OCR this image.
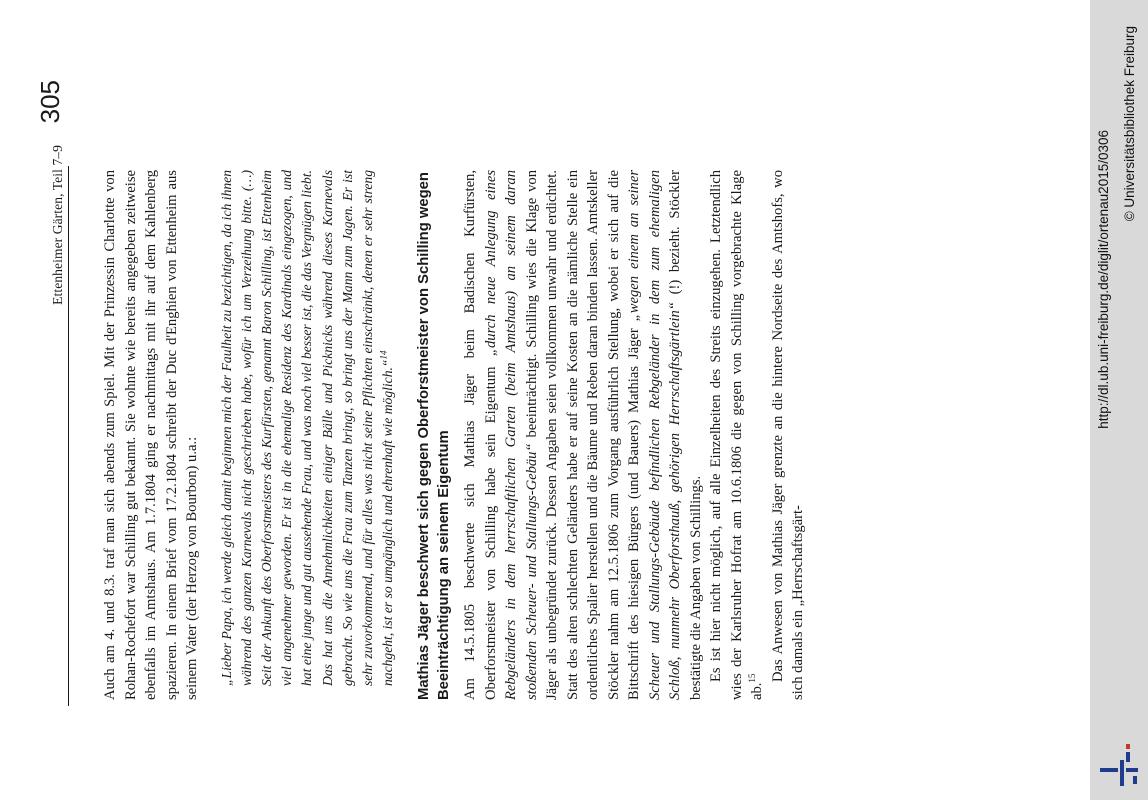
Ettenheimer Gärten, Teil 7–9
305

Auch am 4. und 8.3. traf man sich abends zum Spiel. Mit der Prinzessin Charlotte von Rohan-Rochefort war Schilling gut bekannt. Sie wohnte wie bereits angegeben zeitweise ebenfalls im Amtshaus. Am 1.7.1804 ging er nachmittags mit ihr auf dem Kahlenberg spazieren. In einem Brief vom 17.2.1804 schreibt der Duc d'Enghien von Ettenheim aus seinem Vater (der Herzog von Bourbon) u.a.: „Lieber Papa, ich werde gleich damit beginnen mich der Faulheit zu bezichtigen, da ich ihnen während des ganzen Karnevals nicht geschrieben habe, wofür ich um Verzeihung bitte. (…) Seit der Ankunft des Oberforstmeisters des Kurfürsten, genannt Baron Schilling, ist Ettenheim viel angenehmer geworden. Er ist in die ehemalige Residenz des Kardinals eingezogen, und hat eine junge und gut aussehende Frau, und was noch viel besser ist, die das Vergnügen liebt. Das hat uns die Annehmlichkeiten einiger Bälle und Picknicks während dieses Karnevals gebracht. So wie uns die Frau zum Tanzen bringt, so bringt uns der Mann zum Jagen. Er ist sehr zuvorkommend, und für alles was nicht seine Pflichten einschränkt, denen er sehr streng nachgeht, ist er so umgänglich und ehrenhaft wie möglich.“$^{14}$	Mathias Jäger beschwert sich gegen Oberforstmeister von Schilling wegen Beeinträchtigung an seinem Eigentum Am 14.5.1805 beschwerte sich Mathias Jäger beim Badischen Kurfürsten, Oberforstmeister von Schilling habe sein Eigentum „durch neue Anlegung eines Rebgeländers in dem herrschaftlichen Garten (beim Amtshaus) an seinem daran stoßenden Scheuer- und Stallungs-Gebäu“ beeinträchtigt. Schilling wies die Klage von Jäger als unbegründet zurück. Dessen Angaben seien vollkommen unwahr und erdichtet. Statt des alten schlechten Geländers habe er auf seine Kosten an die nämliche Stelle ein ordentliches Spalier herstellen und die Bäume und Reben daran binden lassen. Amtskeller Stöckler nahm am 12.5.1806 zum Vorgang ausführlich Stellung, wobei er sich auf die Bittschrift des hiesigen Bürgers (und Bauers) Mathias Jäger „wegen einem an seiner Scheuer und Stallungs-Gebäude befindlichen Rebgeländer in dem zum ehemaligen Schloß, nunmehr Oberforsthauß, gehörigen Herrschaftsgärtlein“ (!) bezieht. Stöckler bestätigte die Angaben von Schillings. Es ist hier nicht möglich, auf alle Einzelheiten des Streits einzugehen. Letztendlich wies der Karlsruher Hofrat am 10.6.1806 die gegen von Schilling vorgebrachte Klage ab.$^{15}$ Das Anwesen von Mathias Jäger grenzte an die hintere Nordseite des Amtshofs, wo sich damals ein „Herrschaftsgärt-

http://dl.ub.uni-freiburg.de/diglit/ortenau2015/0306
© Universitätsbibliothek Freiburg
